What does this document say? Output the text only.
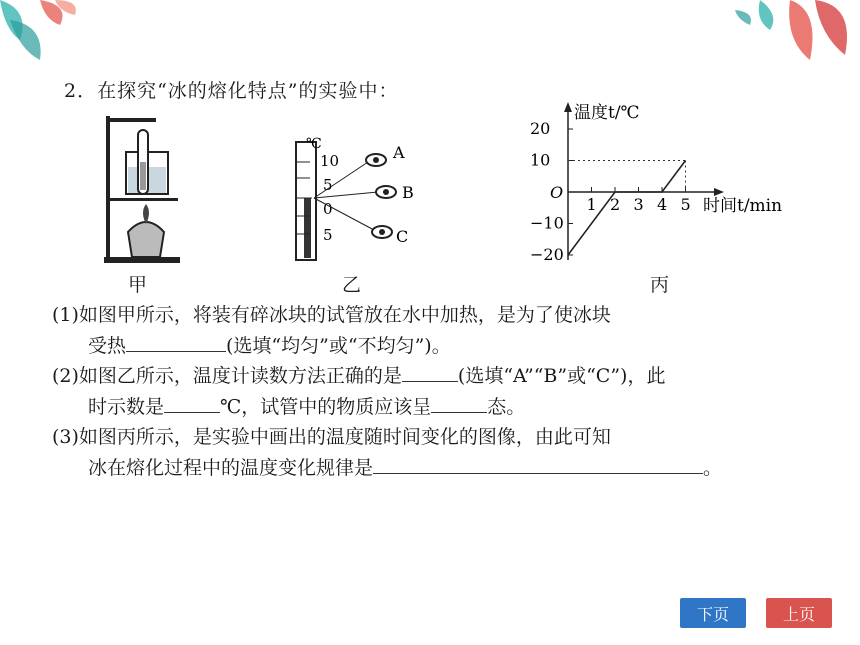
2．在探究“冰的熔化特点”的实验中：
甲
℃
10
5
0
5
A
B
C
乙
温度t/℃
时间t/min
O
20
10
−10
−20
1 2 3 4 5
丙
(1)如图甲所示，将装有碎冰块的试管放在水中加热，是为了使冰块
受热	(选填“均匀”或“不均匀”)。
(2)如图乙所示，温度计读数方法正确的是	(选填“A”“B”或“C”)，此
时示数是	℃，试管中的物质应该呈	态。
(3)如图丙所示，是实验中画出的温度随时间变化的图像，由此可知
冰在熔化过程中的温度变化规律是	。
下页	上页
